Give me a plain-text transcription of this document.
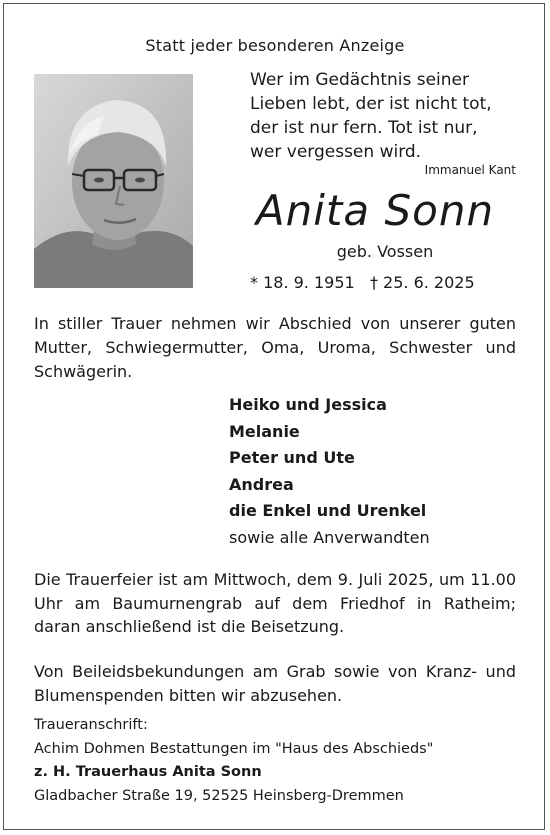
Statt jeder besonderen Anzeige
Wer im Gedächtnis seiner
Lieben lebt, der ist nicht tot,
der ist nur fern. Tot ist nur,
wer vergessen wird.
Immanuel Kant
Anita Sonn
geb. Vossen
* 18. 9. 1951   † 25. 6. 2025
In stiller Trauer nehmen wir Abschied von unserer guten Mutter, Schwiegermutter, Oma, Uroma, Schwester und Schwägerin.
Heiko und Jessica
Melanie
Peter und Ute
Andrea
die Enkel und Urenkel
sowie alle Anverwandten
Die Trauerfeier ist am Mittwoch, dem 9. Juli 2025, um 11.00 Uhr am Baumurnengrab auf dem Friedhof in Ratheim; daran anschließend ist die Beisetzung.
Von Beileidsbekundungen am Grab sowie von Kranz- und Blumenspenden bitten wir abzusehen.
Traueranschrift:
Achim Dohmen Bestattungen im "Haus des Abschieds"
z. H. Trauerhaus Anita Sonn
Gladbacher Straße 19, 52525 Heinsberg-Dremmen
